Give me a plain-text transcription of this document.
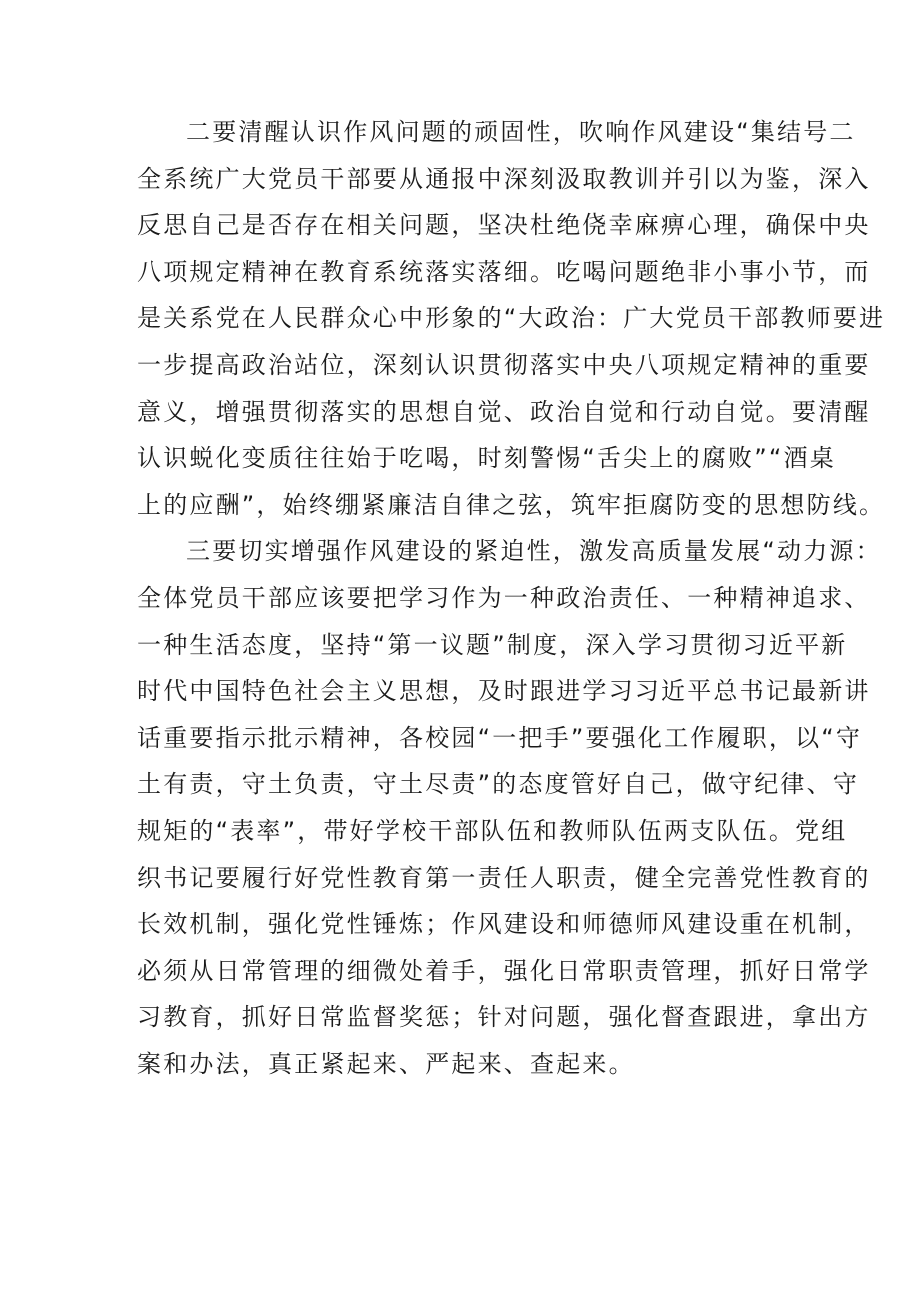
二要清醒认识作风问题的顽固性，吹响作风建设“集结号二
全系统广大党员干部要从通报中深刻汲取教训并引以为鉴，深入
反思自己是否存在相关问题，坚决杜绝侥幸麻痹心理，确保中央
八项规定精神在教育系统落实落细。吃喝问题绝非小事小节，而
是关系党在人民群众心中形象的“大政治：广大党员干部教师要进
一步提高政治站位，深刻认识贯彻落实中央八项规定精神的重要
意义，增强贯彻落实的思想自觉、政治自觉和行动自觉。要清醒
认识蜕化变质往往始于吃喝，时刻警惕“舌尖上的腐败”“酒桌
上的应酬”，始终绷紧廉洁自律之弦，筑牢拒腐防变的思想防线。
三要切实增强作风建设的紧迫性，激发高质量发展“动力源：
全体党员干部应该要把学习作为一种政治责任、一种精神追求、
一种生活态度，坚持“第一议题”制度，深入学习贯彻习近平新
时代中国特色社会主义思想，及时跟进学习习近平总书记最新讲
话重要指示批示精神，各校园“一把手”要强化工作履职，以“守
土有责，守土负责，守土尽责”的态度管好自己，做守纪律、守
规矩的“表率”，带好学校干部队伍和教师队伍两支队伍。党组
织书记要履行好党性教育第一责任人职责，健全完善党性教育的
长效机制，强化党性锤炼；作风建设和师德师风建设重在机制，
必须从日常管理的细微处着手，强化日常职责管理，抓好日常学
习教育，抓好日常监督奖惩；针对问题，强化督查跟进，拿出方
案和办法，真正紧起来、严起来、查起来。
